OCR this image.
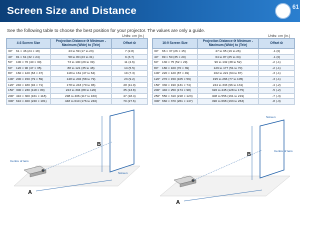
Screen Size and Distance	61
See the following table to choose the best position for your projector. The values are only a guide.
Units: cm (in.)	Units: cm (in.)
4:3 Screen Size	Projection Distance ❶ Minimum - Maximum (Wide) to (Tele)	Offset ❷
30" 61 × 46 (24 × 18)	43 to 59 (17 to 23)	7 (2.8)
40" 81 × 61 (32 × 24)	58 to 80 (23 to 31)	9 (3.7)
50" 100 × 76 (40 × 30)	73 to 100 (29 to 39)	11 (4.6)
60" 120 × 90 (47 × 35)	88 to 121 (35 to 48)	14 (5.5)
80" 160 × 120 (63 × 47)	118 to 161 (47 to 64)	19 (7.3)
100" 200 × 150 (79 × 59)	148 to 202 (58 to 79)	23 (9.2)
120" 240 × 180 (94 × 71)	178 to 243 (70 to 96)	28 (11.0)
150" 300 × 230 (118 × 89)	223 to 304 (88 to 120)	35 (13.8)
200" 410 × 300 (161 × 118)	298 to 406 (117 to 160)	47 (18.4)
300" 610 × 460 (240 × 181)	448 to 610 (176 to 240)	70 (27.6)
16:9 Screen Size	Projection Distance ❶ Minimum - Maximum (Wide) to (Tele)	Offset ❷
30" 66 × 37 (26 × 15)	47 to 65 (19 to 26)	-1 (0)
40" 89 × 50 (35 × 20)	64 to 87 (25 to 34)	-1 (0)
60" 130 × 75 (52 × 29)	96 to 132 (38 to 52)	-2 (-1)
80" 180 × 100 (70 × 39)	129 to 177 (51 to 70)	-2 (-1)
100" 220 × 120 (87 × 49)	162 to 221 (64 to 87)	-3 (-1)
120" 270 × 150 (105 × 59)	195 to 266 (77 to 105)	-3 (-1)
150" 330 × 190 (131 × 74)	244 to 333 (96 to 131)	-4 (-2)
200" 440 × 250 (174 × 98)	326 to 445 (128 to 175)	-5 (-2)
250" 550 × 310 (218 × 123)	408 to 556 (161 to 219)	-7 (-3)
300" 660 × 370 (261 × 147)	490 to 668 (193 to 263)	-8 (-3)
B
A
Screen
Centre of lens
B
A
Screen
Centre of lens
